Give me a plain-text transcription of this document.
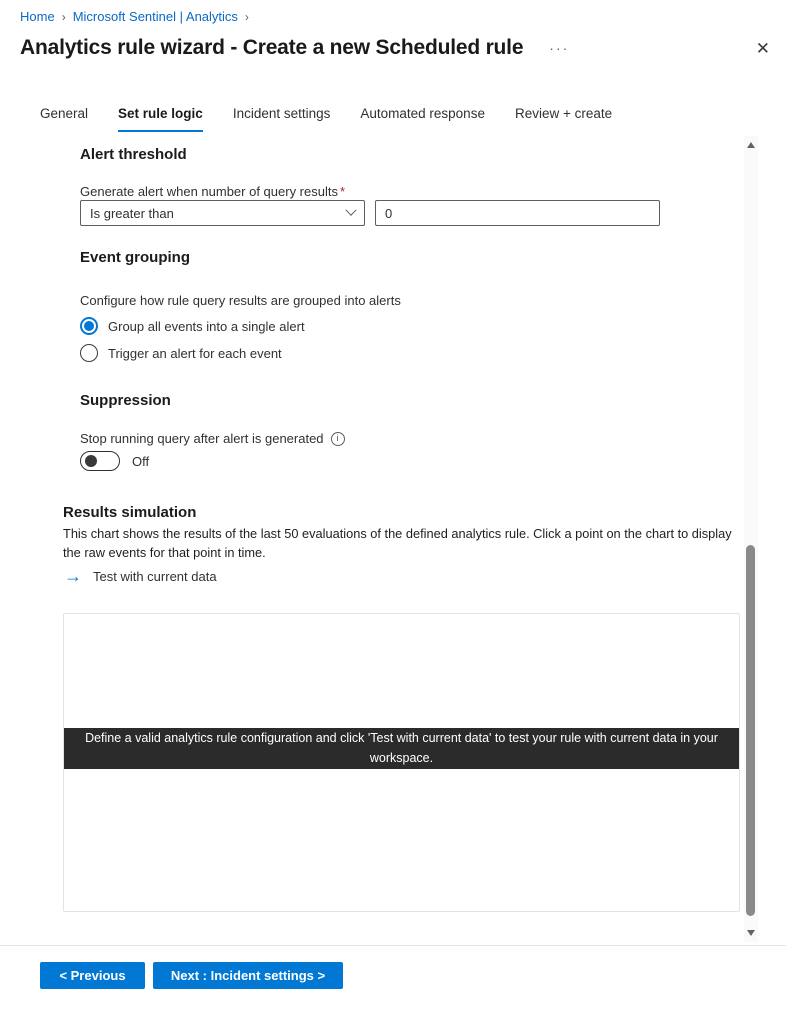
Home › Microsoft Sentinel | Analytics ›
Analytics rule wizard - Create a new Scheduled rule ···	✕
General Set rule logic Incident settings Automated response Review + create
Alert threshold
Generate alert when number of query results *
Is greater than
0
Event grouping
Configure how rule query results are grouped into alerts
Group all events into a single alert
Trigger an alert for each event
Suppression
Stop running query after alert is generated	i
Off
Results simulation
This chart shows the results of the last 50 evaluations of the defined analytics rule. Click a point on the chart to display the raw events for that point in time.
→ Test with current data
Define a valid analytics rule configuration and click 'Test with current data' to test your rule with current data in your workspace.
< Previous	Next : Incident settings >
